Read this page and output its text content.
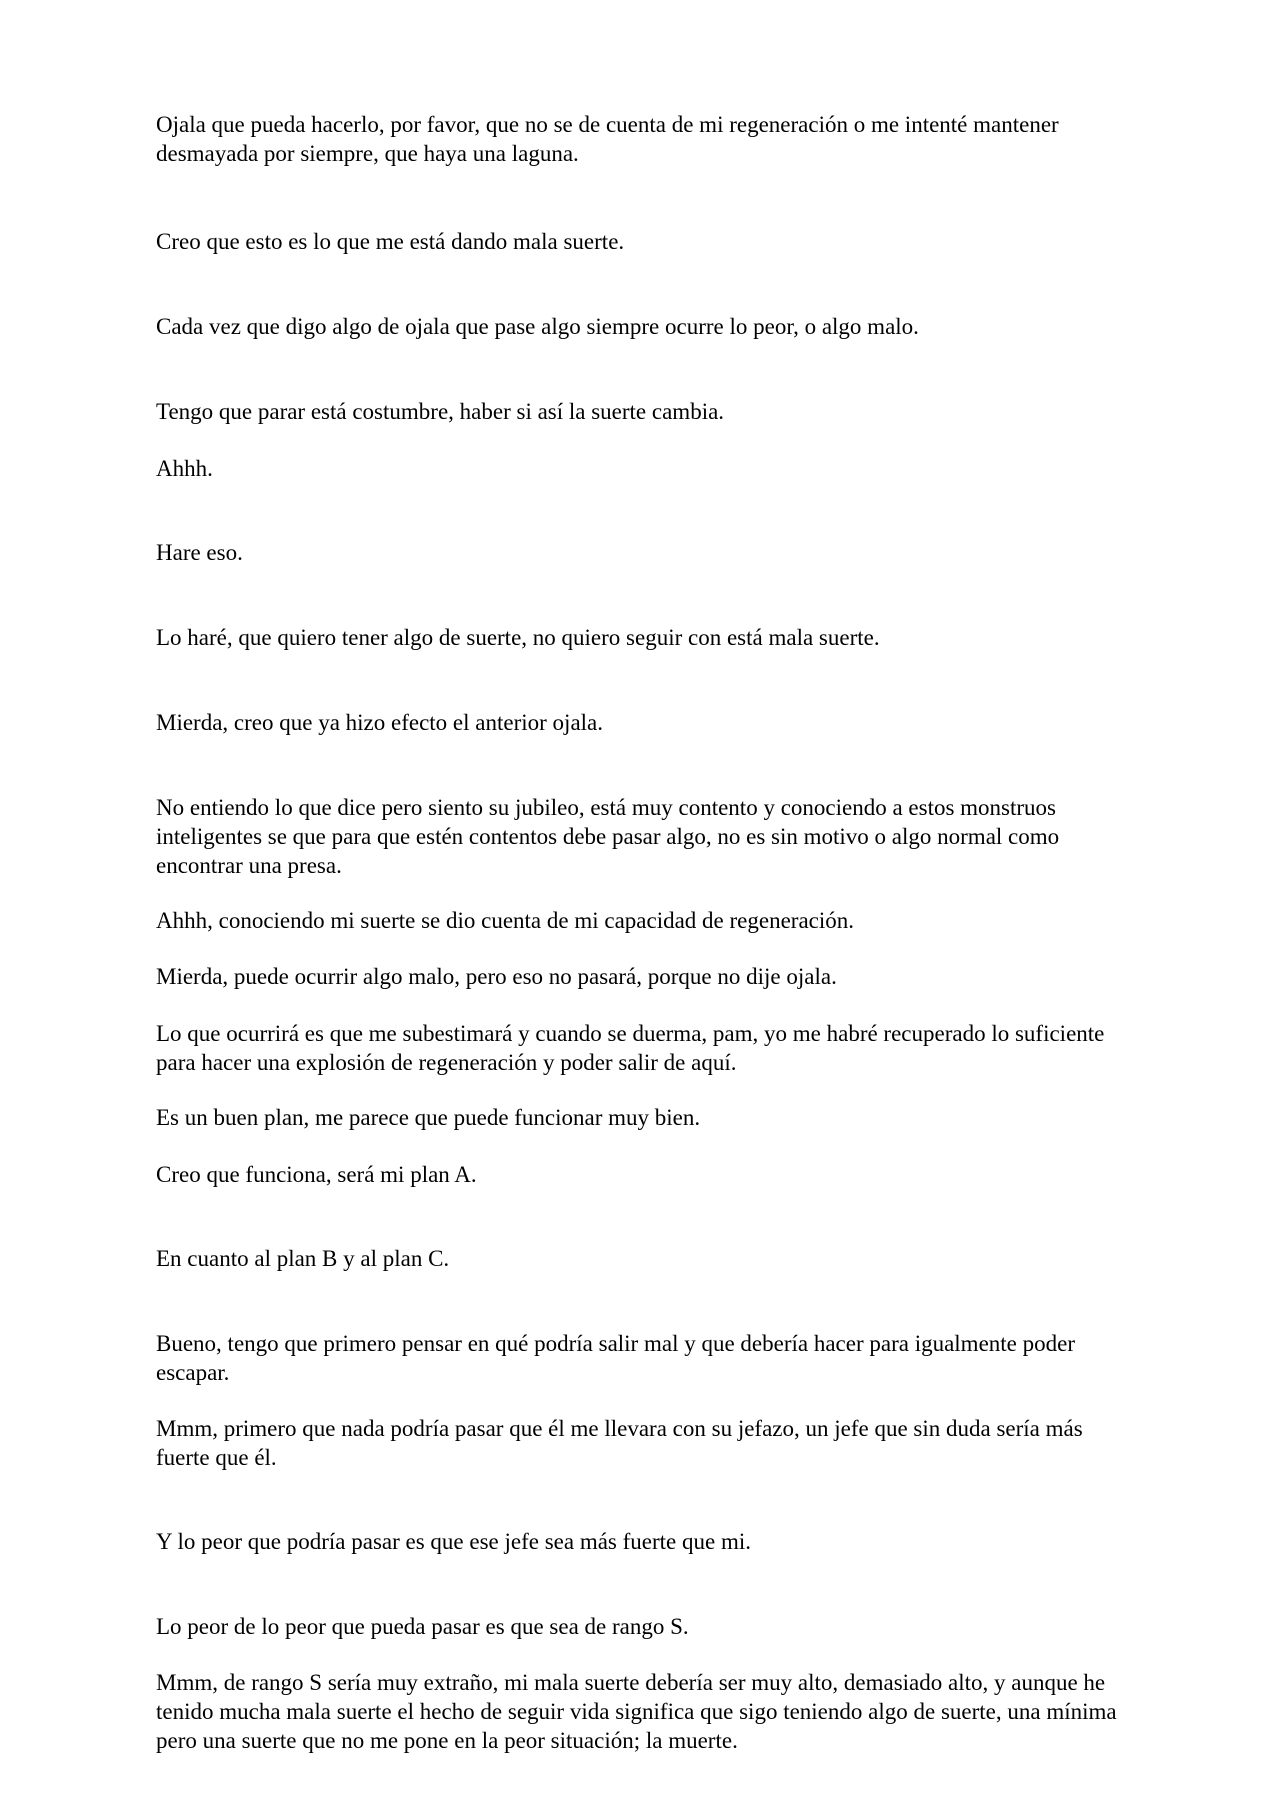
Ojala que pueda hacerlo, por favor, que no se de cuenta de mi regeneración o me intenté mantener desmayada por siempre, que haya una laguna.

Creo que esto es lo que me está dando mala suerte.

Cada vez que digo algo de ojala que pase algo siempre ocurre lo peor, o algo malo.

Tengo que parar está costumbre, haber si así la suerte cambia.

Ahhh.

Hare eso.

Lo haré, que quiero tener algo de suerte, no quiero seguir con está mala suerte.

Mierda, creo que ya hizo efecto el anterior ojala.

No entiendo lo que dice pero siento su jubileo, está muy contento y conociendo a estos monstruos inteligentes se que para que estén contentos debe pasar algo, no es sin motivo o algo normal como encontrar una presa.

Ahhh, conociendo mi suerte se dio cuenta de mi capacidad de regeneración.

Mierda, puede ocurrir algo malo, pero eso no pasará, porque no dije ojala.

Lo que ocurrirá es que me subestimará y cuando se duerma, pam, yo me habré recuperado lo suficiente para hacer una explosión de regeneración y poder salir de aquí.

Es un buen plan, me parece que puede funcionar muy bien.

Creo que funciona, será mi plan A.

En cuanto al plan B y al plan C.

Bueno, tengo que primero pensar en qué podría salir mal y que debería hacer para igualmente poder escapar.

Mmm, primero que nada podría pasar que él me llevara con su jefazo, un jefe que sin duda sería más fuerte que él.

Y lo peor que podría pasar es que ese jefe sea más fuerte que mi.

Lo peor de lo peor que pueda pasar es que sea de rango S.

Mmm, de rango S sería muy extraño, mi mala suerte debería ser muy alto, demasiado alto, y aunque he tenido mucha mala suerte el hecho de seguir vida significa que sigo teniendo algo de suerte, una mínima pero una suerte que no me pone en la peor situación; la muerte.
